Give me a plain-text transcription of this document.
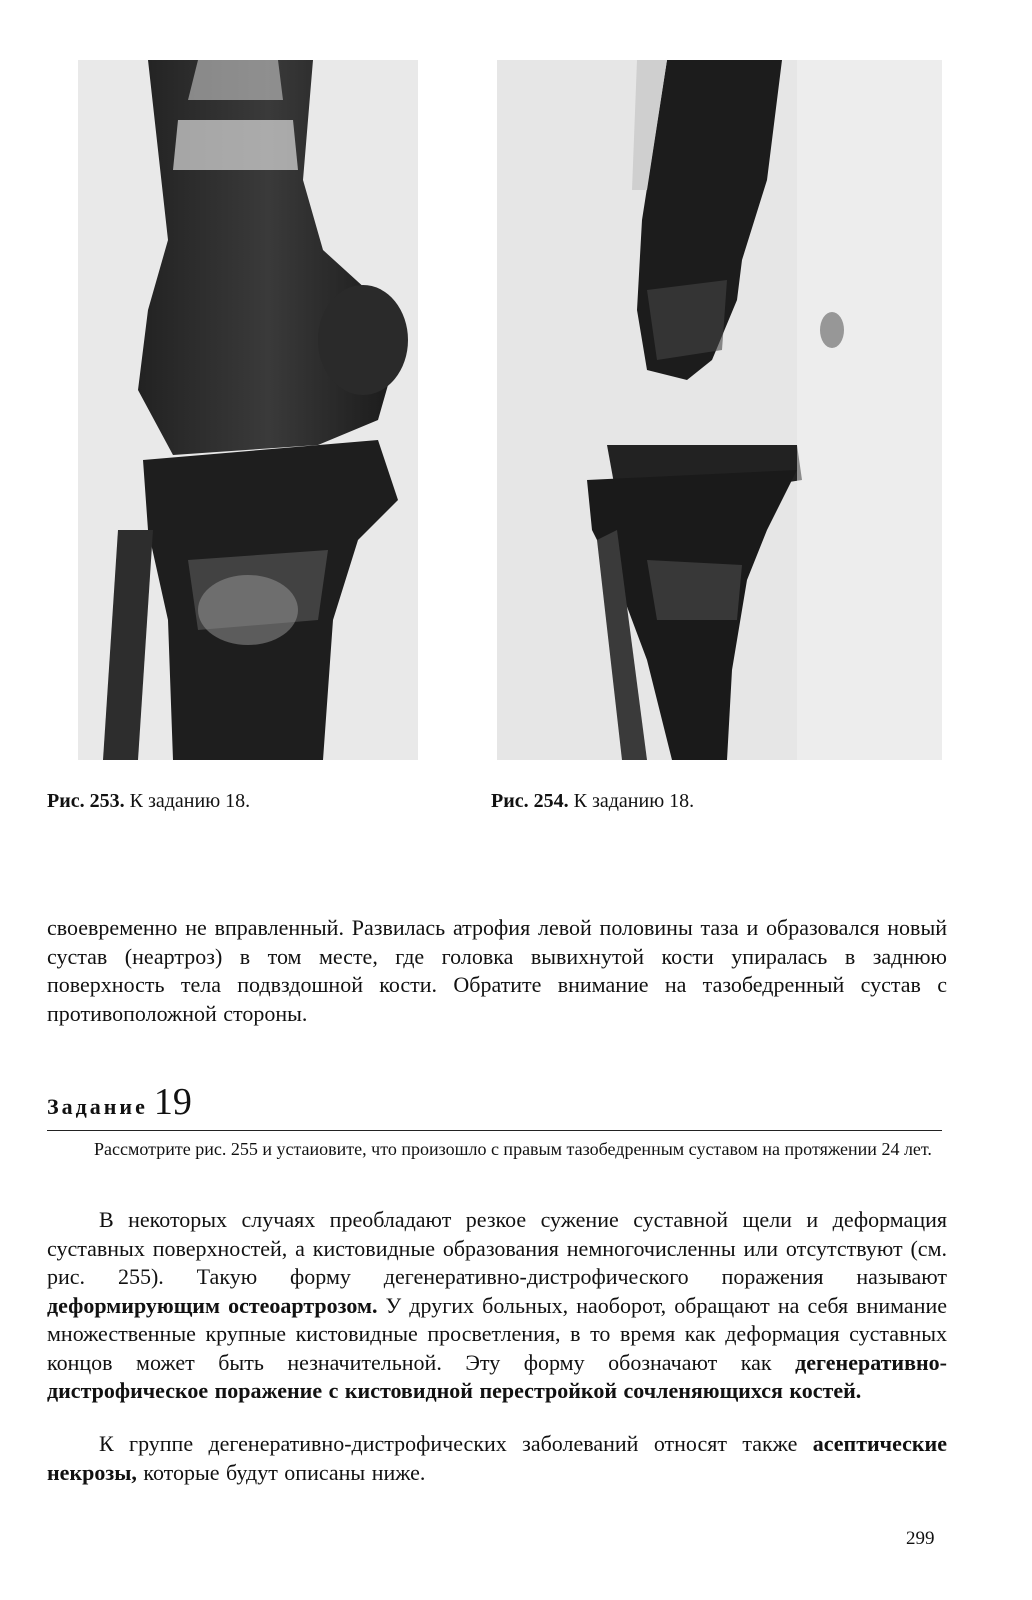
Рис. 253. К заданию 18.	Рис. 254. К заданию 18.

своевременно не вправленный. Развилась атрофия левой половины таза и образовался новый сустав (неартроз) в том месте, где головка вывихнутой кости упиралась в заднюю поверхность тела подвздошной кости. Обратите внимание на тазобедренный сустав с противоположной стороны.

Задание 19

Рассмотрите рис. 255 и устаиовите, что произошло с правым тазобедренным суставом на протяжении 24 лет.

В некоторых случаях преобладают резкое сужение суставной щели и деформация суставных поверхностей, а кистовидные образования немногочисленны или отсутствуют (см. рис. 255). Такую форму дегенеративно-дистрофического поражения называют деформирующим остеоартрозом. У других больных, наоборот, обращают на себя внимание множественные крупные кистовидные просветления, в то время как деформация суставных концов может быть незначительной. Эту форму обозначают как дегенеративно-дистрофическое поражение с кистовидной перестройкой сочленяющихся костей.

К группе дегенеративно-дистрофических заболеваний относят также асептические некрозы, которые будут описаны ниже.

299
